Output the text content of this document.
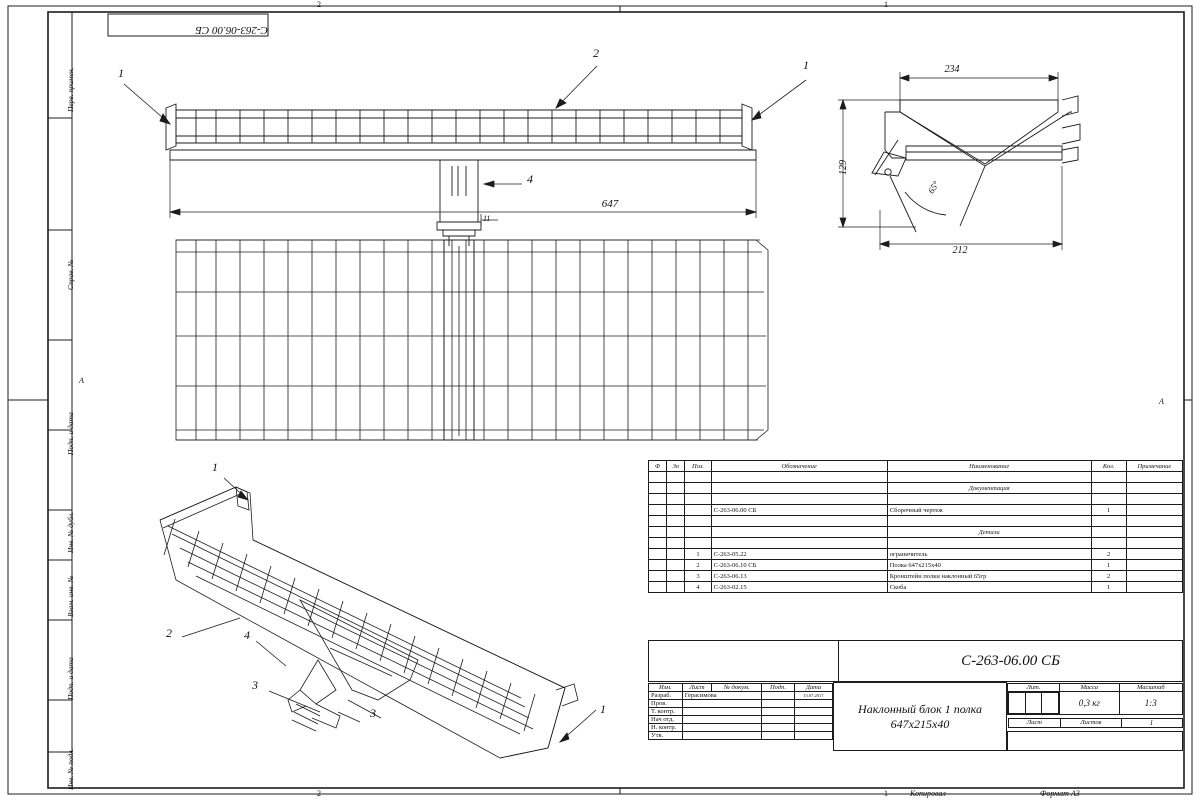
С-263-06.00 СБ
2	1
2	1
А
А
Перв. примен.
Справ. №
Подп. и дата
Инв. № дубл.
Взам. инв. №
Подп. и дата
Инв. № подл.
234
129
212
65°
647
11
1
2
1
4
1
2	4
3
3	1
Ф	Зо	Поз.	Обозначение	Наименование	Кол.	Примечание

				Документация		

			С-263-06.00 СБ	Сборочный чертеж	1	

				Детали		

		1	С-263-05.22	ограничитель	2	
		2	С-263-06.10 СБ	Полка 647х215х40	1	
		3	С-263-06.13	Кронштейн полки наклонный 65гр	2	
		4	С-263-02.15	Скоба	1	
	С-263-06.00 СБ
Изм.	Лист	№ докум.	Подп.	Дата
Разраб.	Герасимова		13.07.2017
Пров.			
Т. контр.			
Нач отд.			
Н. контр.			
Утв.			

Наклонный блок 1 полка
647х215х40

Лит.	Масса	Масштаб

	0,3 кг	1:3

Лист	Листов	1

Копировал	Формат А3
